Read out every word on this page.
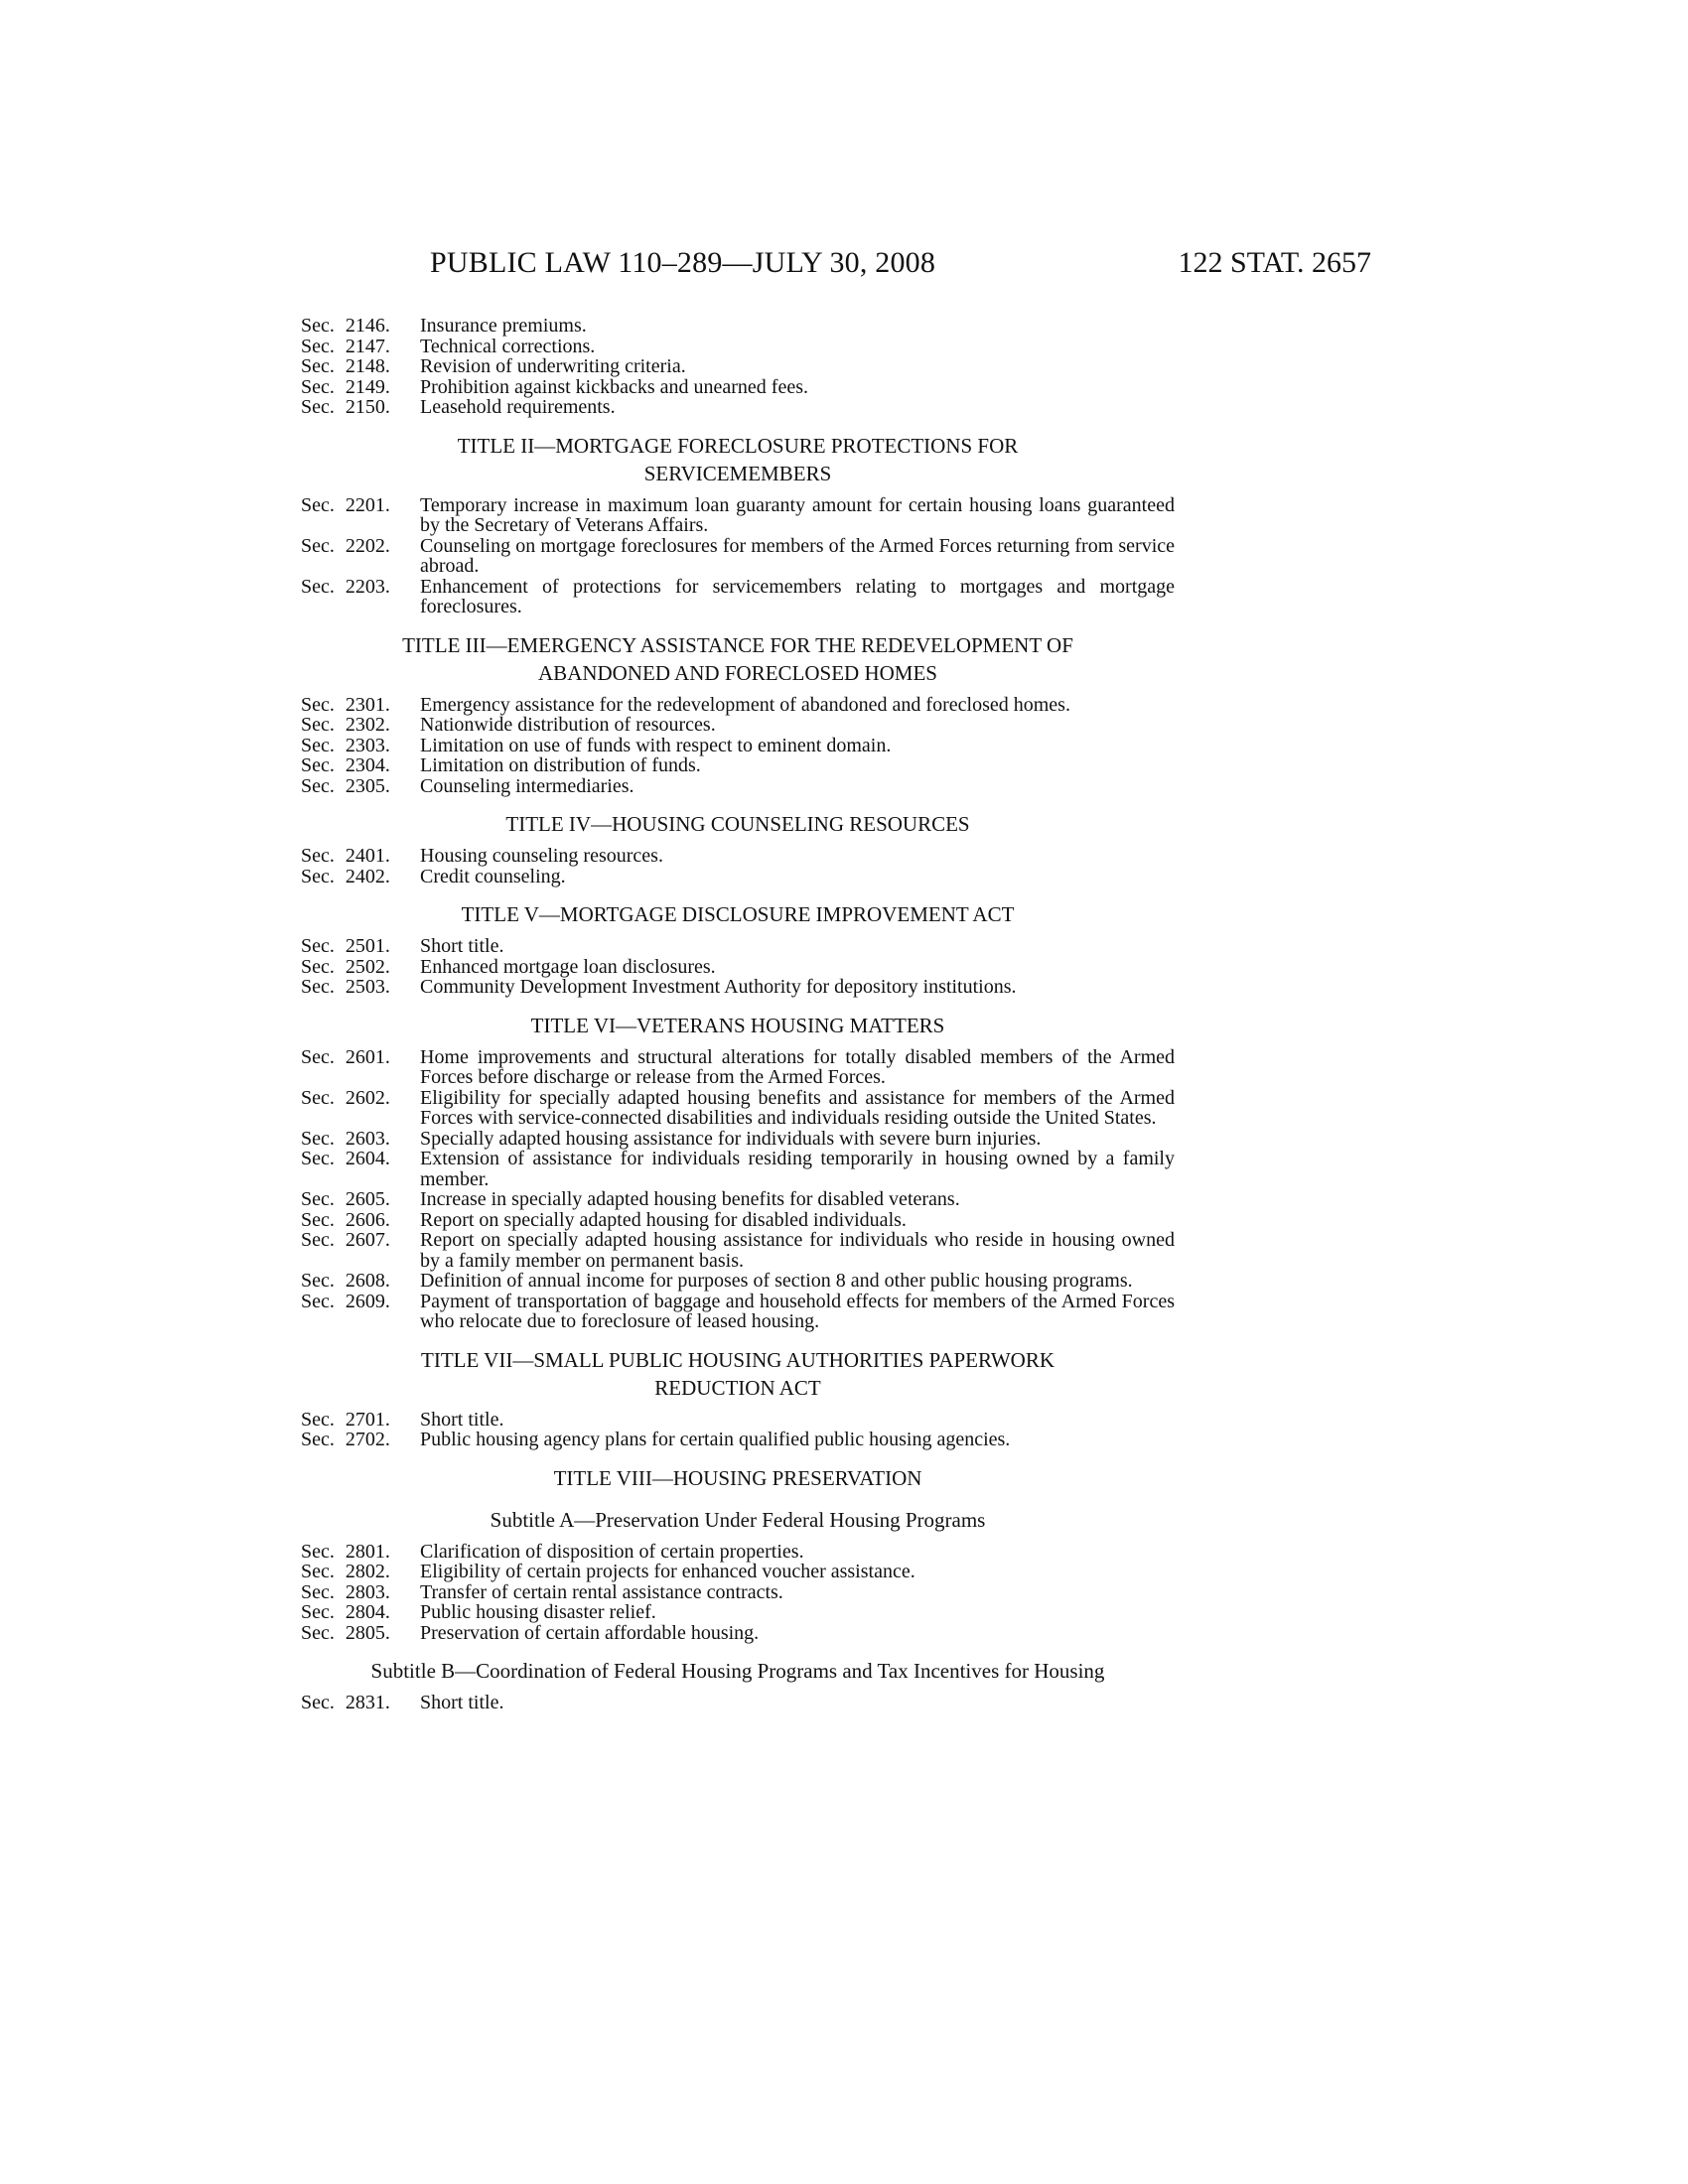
PUBLIC LAW 110–289—JULY 30, 2008	122 STAT. 2657
Sec. 2146.	Insurance premiums.
Sec. 2147.	Technical corrections.
Sec. 2148.	Revision of underwriting criteria.
Sec. 2149.	Prohibition against kickbacks and unearned fees.
Sec. 2150.	Leasehold requirements.
TITLE II—MORTGAGE FORECLOSURE PROTECTIONS FOR SERVICEMEMBERS
Sec. 2201.	Temporary increase in maximum loan guaranty amount for certain housing loans guaranteed by the Secretary of Veterans Affairs.
Sec. 2202.	Counseling on mortgage foreclosures for members of the Armed Forces returning from service abroad.
Sec. 2203.	Enhancement of protections for servicemembers relating to mortgages and mortgage foreclosures.
TITLE III—EMERGENCY ASSISTANCE FOR THE REDEVELOPMENT OF ABANDONED AND FORECLOSED HOMES
Sec. 2301.	Emergency assistance for the redevelopment of abandoned and foreclosed homes.
Sec. 2302.	Nationwide distribution of resources.
Sec. 2303.	Limitation on use of funds with respect to eminent domain.
Sec. 2304.	Limitation on distribution of funds.
Sec. 2305.	Counseling intermediaries.
TITLE IV—HOUSING COUNSELING RESOURCES
Sec. 2401.	Housing counseling resources.
Sec. 2402.	Credit counseling.
TITLE V—MORTGAGE DISCLOSURE IMPROVEMENT ACT
Sec. 2501.	Short title.
Sec. 2502.	Enhanced mortgage loan disclosures.
Sec. 2503.	Community Development Investment Authority for depository institutions.
TITLE VI—VETERANS HOUSING MATTERS
Sec. 2601.	Home improvements and structural alterations for totally disabled members of the Armed Forces before discharge or release from the Armed Forces.
Sec. 2602.	Eligibility for specially adapted housing benefits and assistance for members of the Armed Forces with service-connected disabilities and individuals residing outside the United States.
Sec. 2603.	Specially adapted housing assistance for individuals with severe burn injuries.
Sec. 2604.	Extension of assistance for individuals residing temporarily in housing owned by a family member.
Sec. 2605.	Increase in specially adapted housing benefits for disabled veterans.
Sec. 2606.	Report on specially adapted housing for disabled individuals.
Sec. 2607.	Report on specially adapted housing assistance for individuals who reside in housing owned by a family member on permanent basis.
Sec. 2608.	Definition of annual income for purposes of section 8 and other public housing programs.
Sec. 2609.	Payment of transportation of baggage and household effects for members of the Armed Forces who relocate due to foreclosure of leased housing.
TITLE VII—SMALL PUBLIC HOUSING AUTHORITIES PAPERWORK REDUCTION ACT
Sec. 2701.	Short title.
Sec. 2702.	Public housing agency plans for certain qualified public housing agencies.
TITLE VIII—HOUSING PRESERVATION
Subtitle A—Preservation Under Federal Housing Programs
Sec. 2801.	Clarification of disposition of certain properties.
Sec. 2802.	Eligibility of certain projects for enhanced voucher assistance.
Sec. 2803.	Transfer of certain rental assistance contracts.
Sec. 2804.	Public housing disaster relief.
Sec. 2805.	Preservation of certain affordable housing.
Subtitle B—Coordination of Federal Housing Programs and Tax Incentives for Housing
Sec. 2831.	Short title.
